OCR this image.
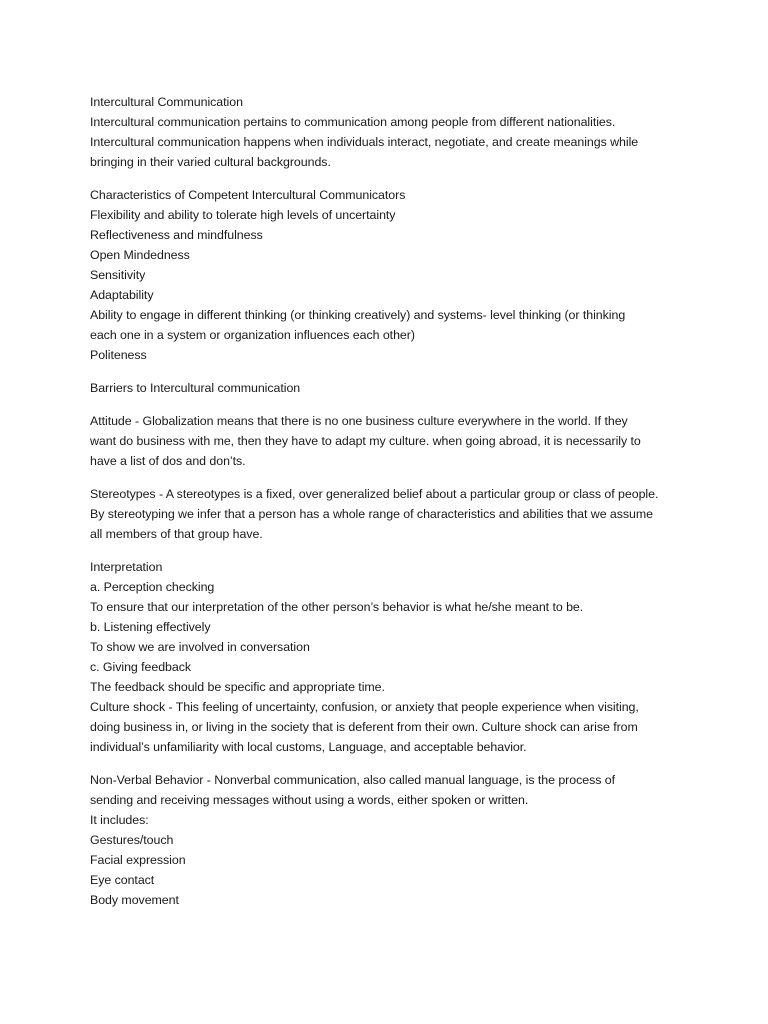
Intercultural Communication
Intercultural communication pertains to communication among people from different nationalities.
Intercultural communication happens when individuals interact, negotiate, and create meanings while
bringing in their varied cultural backgrounds.
Characteristics of Competent Intercultural Communicators
Flexibility and ability to tolerate high levels of uncertainty
Reflectiveness and mindfulness
Open Mindedness
Sensitivity
Adaptability
Ability to engage in different thinking (or thinking creatively) and systems- level thinking (or thinking
each one in a system or organization influences each other)
Politeness
Barriers to Intercultural communication
Attitude - Globalization means that there is no one business culture everywhere in the world. If they
want do business with me, then they have to adapt my culture. when going abroad, it is necessarily to
have a list of dos and don’ts.
Stereotypes - A stereotypes is a fixed, over generalized belief about a particular group or class of people.
By stereotyping we infer that a person has a whole range of characteristics and abilities that we assume
all members of that group have.
Interpretation
a. Perception checking
To ensure that our interpretation of the other person’s behavior is what he/she meant to be.
b. Listening effectively
To show we are involved in conversation
c. Giving feedback
The feedback should be specific and appropriate time.
Culture shock - This feeling of uncertainty, confusion, or anxiety that people experience when visiting,
doing business in, or living in the society that is deferent from their own. Culture shock can arise from
individual’s unfamiliarity with local customs, Language, and acceptable behavior.
Non-Verbal Behavior - Nonverbal communication, also called manual language, is the process of
sending and receiving messages without using a words, either spoken or written.
It includes:
Gestures/touch
Facial expression
Eye contact
Body movement
